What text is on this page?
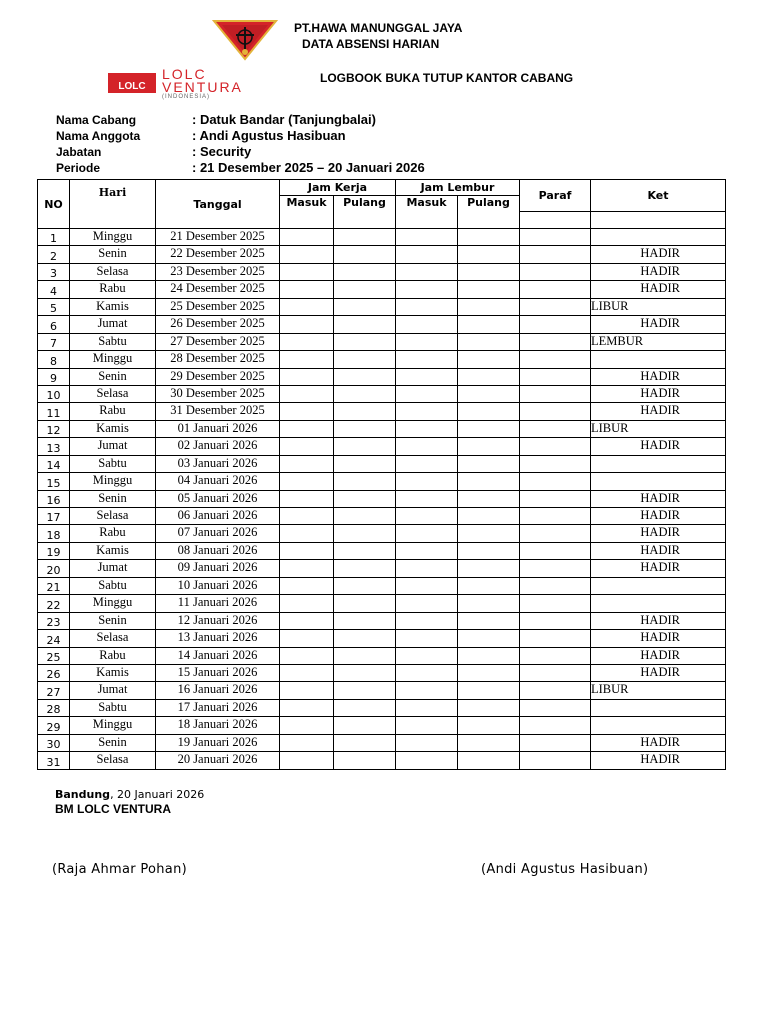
LOLC
LOLC
VENTURA
(INDONESIA)
PT.HAWA MANUNGGAL JAYA
DATA ABSENSI HARIAN
LOGBOOK BUKA TUTUP KANTOR CABANG
Nama Cabang	: Datuk Bandar (Tanjungbalai)
Nama Anggota	: Andi Agustus Hasibuan
Jabatan	: Security
Periode	: 21 Desember 2025 – 20 Januari 2026
NO	Hari	Tanggal	Jam Kerja		Jam Lembur		Paraf	Ket
			Masuk	Pulang	Masuk	Pulang		

1	Minggu	21 Desember 2025						
2	Senin	22 Desember 2025						HADIR
3	Selasa	23 Desember 2025						HADIR
4	Rabu	24 Desember 2025						HADIR
5	Kamis	25 Desember 2025						LIBUR
6	Jumat	26 Desember 2025						HADIR
7	Sabtu	27 Desember 2025						LEMBUR
8	Minggu	28 Desember 2025						
9	Senin	29 Desember 2025						HADIR
10	Selasa	30 Desember 2025						HADIR
11	Rabu	31 Desember 2025						HADIR
12	Kamis	01 Januari 2026						LIBUR
13	Jumat	02 Januari 2026						HADIR
14	Sabtu	03 Januari 2026						
15	Minggu	04 Januari 2026						
16	Senin	05 Januari 2026						HADIR
17	Selasa	06 Januari 2026						HADIR
18	Rabu	07 Januari 2026						HADIR
19	Kamis	08 Januari 2026						HADIR
20	Jumat	09 Januari 2026						HADIR
21	Sabtu	10 Januari 2026						
22	Minggu	11 Januari 2026						
23	Senin	12 Januari 2026						HADIR
24	Selasa	13 Januari 2026						HADIR
25	Rabu	14 Januari 2026						HADIR
26	Kamis	15 Januari 2026						HADIR
27	Jumat	16 Januari 2026						LIBUR
28	Sabtu	17 Januari 2026						
29	Minggu	18 Januari 2026						
30	Senin	19 Januari 2026						HADIR
31	Selasa	20 Januari 2026						HADIR
Bandung, 20 Januari 2026
BM LOLC VENTURA
(Raja Ahmar Pohan)	(Andi Agustus Hasibuan)
